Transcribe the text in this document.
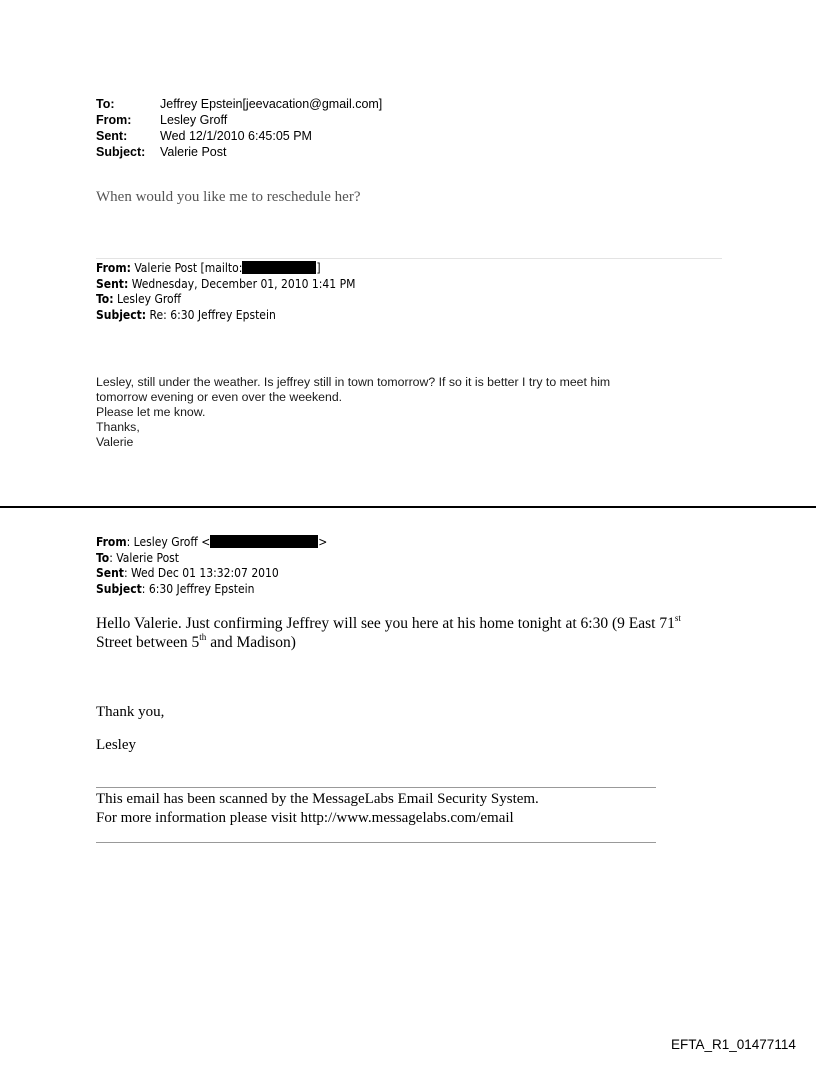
To:	Jeffrey Epstein[jeevacation@gmail.com]
From:	Lesley Groff
Sent:	Wed 12/1/2010 6:45:05 PM
Subject:	Valerie Post
When would you like me to reschedule her?
From: Valerie Post [mailto:	]
Sent: Wednesday, December 01, 2010 1:41 PM
To: Lesley Groff
Subject: Re: 6:30 Jeffrey Epstein
Lesley, still under the weather. Is jeffrey still in town tomorrow? If so it is better I try to meet him
tomorrow evening or even over the weekend.
Please let me know.
Thanks,
Valerie
From: Lesley Groff <	>
To: Valerie Post
Sent: Wed Dec 01 13:32:07 2010
Subject: 6:30 Jeffrey Epstein
Hello Valerie. Just confirming Jeffrey will see you here at his home tonight at 6:30 (9 East 71st
Street between 5th and Madison)
Thank you,
Lesley
This email has been scanned by the MessageLabs Email Security System.
For more information please visit http://www.messagelabs.com/email
EFTA_R1_01477114
